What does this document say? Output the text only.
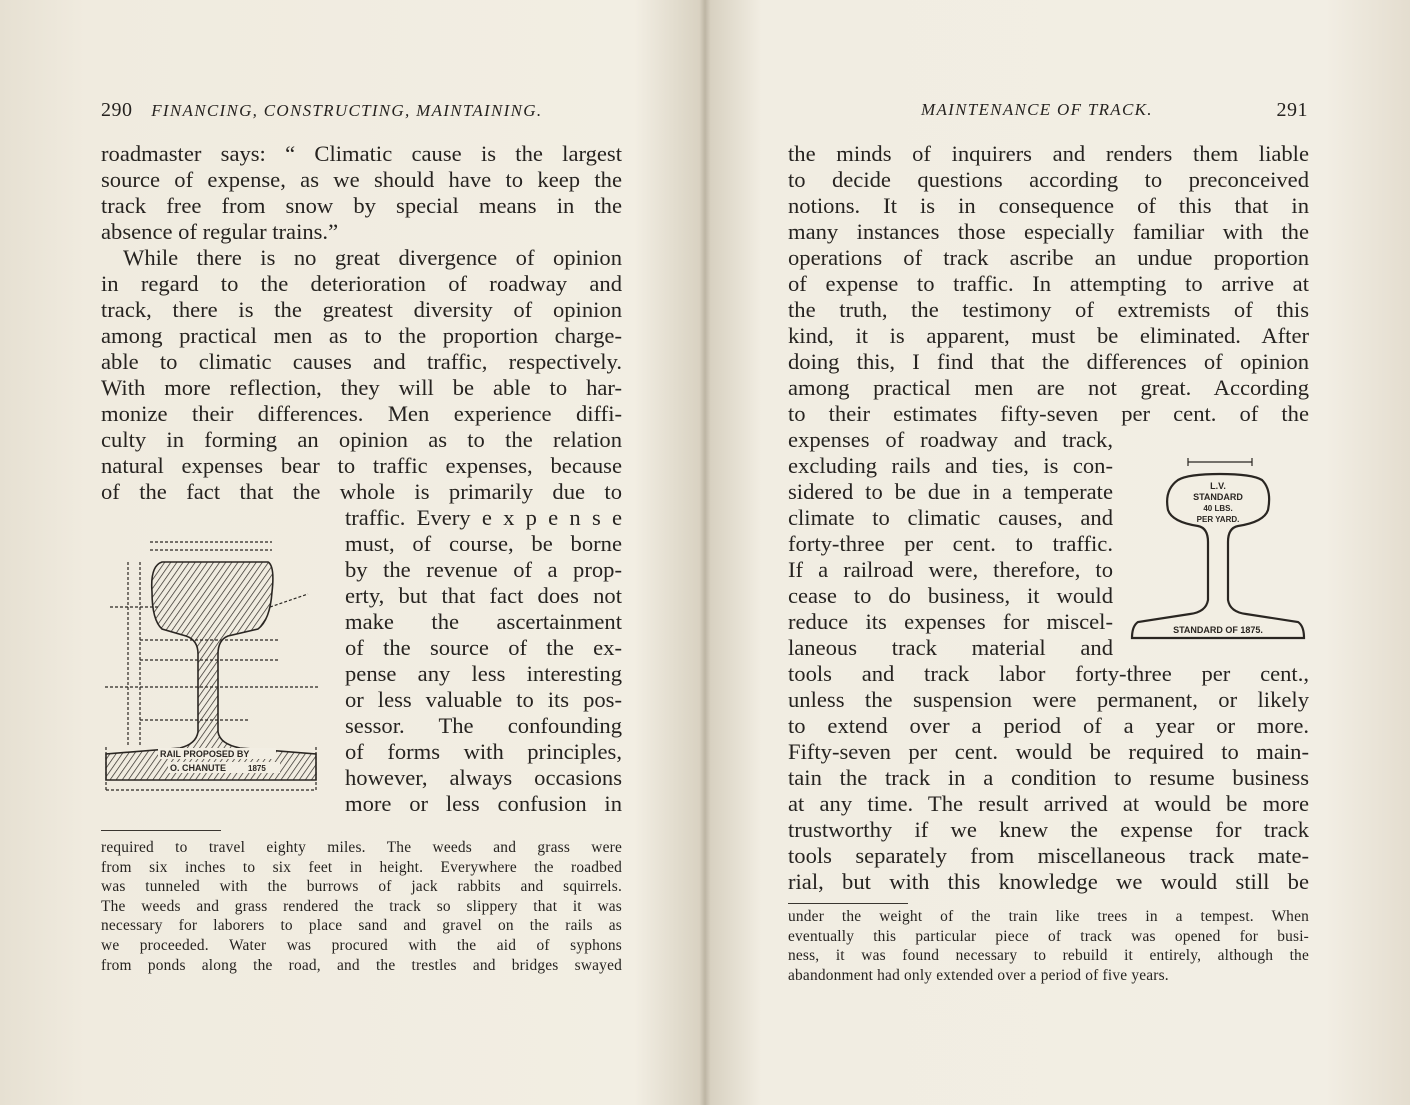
290 FINANCING, CONSTRUCTING, MAINTAINING.
roadmaster says: “ Climatic cause is the largest
source of expense, as we should have to keep the
track free from snow by special means in the
absence of regular trains.”
While there is no great divergence of opinion
in regard to the deterioration of roadway and
track, there is the greatest diversity of opinion
among practical men as to the proportion charge-
able to climatic causes and traffic, respectively.
With more reflection, they will be able to har-
monize their differences. Men experience diffi-
culty in forming an opinion as to the relation
natural expenses bear to traffic expenses, because
of the fact that the whole is primarily due to
traffic. Every e x p e n s e
must, of course, be borne
by the revenue of a prop-
erty, but that fact does not
make the ascertainment
of the source of the ex-
pense any less interesting
or less valuable to its pos-
sessor. The confounding
of forms with principles,
however, always occasions
more or less confusion in
RAIL PROPOSED BY
O. CHANUTE	1875
required to travel eighty miles. The weeds and grass were
from six inches to six feet in height. Everywhere the roadbed
was tunneled with the burrows of jack rabbits and squirrels.
The weeds and grass rendered the track so slippery that it was
necessary for laborers to place sand and gravel on the rails as
we proceeded. Water was procured with the aid of syphons
from ponds along the road, and the trestles and bridges swayed
MAINTENANCE OF TRACK.	291
the minds of inquirers and renders them liable
to decide questions according to preconceived
notions. It is in consequence of this that in
many instances those especially familiar with the
operations of track ascribe an undue proportion
of expense to traffic. In attempting to arrive at
the truth, the testimony of extremists of this
kind, it is apparent, must be eliminated. After
doing this, I find that the differences of opinion
among practical men are not great. According
to their estimates fifty-seven per cent. of the
expenses of roadway and track,
excluding rails and ties, is con-
sidered to be due in a temperate
climate to climatic causes, and
forty-three per cent. to traffic.
If a railroad were, therefore, to
cease to do business, it would
reduce its expenses for miscel-
laneous track material and
tools and track labor forty-three per cent.,
unless the suspension were permanent, or likely
to extend over a period of a year or more.
Fifty-seven per cent. would be required to main-
tain the track in a condition to resume business
at any time. The result arrived at would be more
trustworthy if we knew the expense for track
tools separately from miscellaneous track mate-
rial, but with this knowledge we would still be
under the weight of the train like trees in a tempest. When
eventually this particular piece of track was opened for busi-
ness, it was found necessary to rebuild it entirely, although the
abandonment had only extended over a period of five years.
L.V.
STANDARD
40 LBS.
PER YARD.
STANDARD OF 1875.
